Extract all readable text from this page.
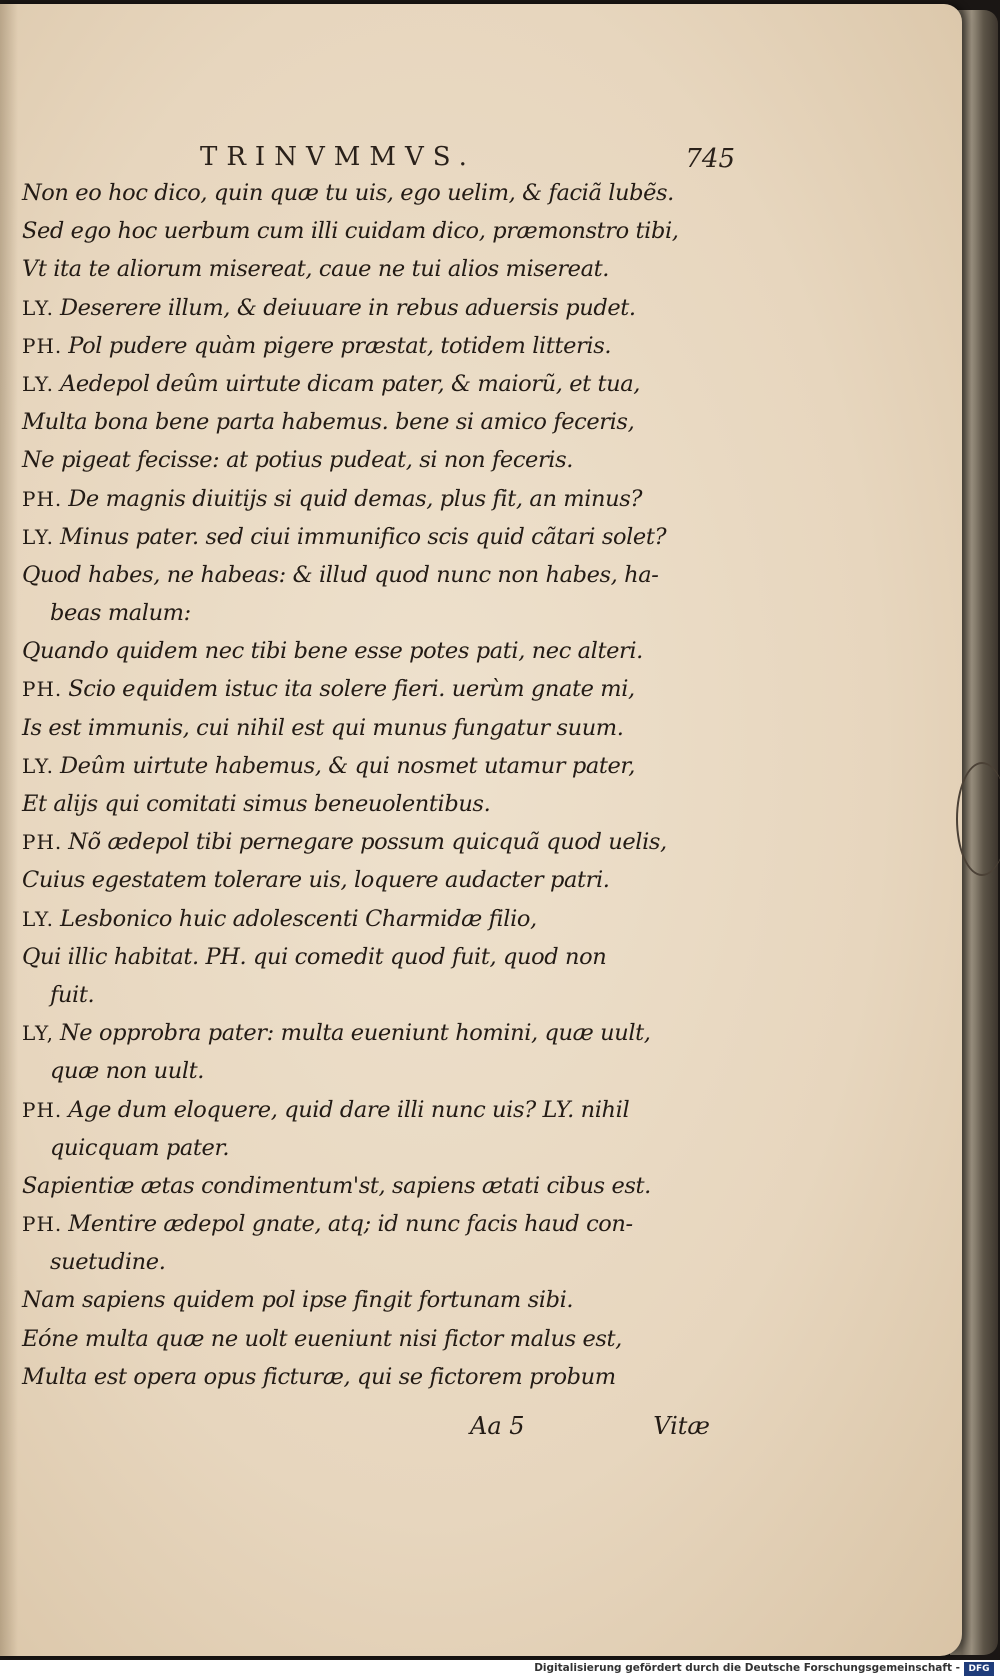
TRINVMMVS.	745
Non eo hoc dico, quin quæ tu uis, ego uelim, & faciã lubẽs.
Sed ego hoc uerbum cum illi cuidam dico, præmonstro tibi,
Vt ita te aliorum misereat, caue ne tui alios misereat.
LY. Deserere illum, & deiuuare in rebus aduersis pudet.
PH. Pol pudere quàm pigere præstat, totidem litteris.
LY. Aedepol deûm uirtute dicam pater, & maiorũ, et tua,
Multa bona bene parta habemus. bene si amico feceris,
Ne pigeat fecisse: at potius pudeat, si non feceris.
PH. De magnis diuitijs si quid demas, plus fit, an minus?
LY. Minus pater. sed ciui immunifico scis quid cãtari solet?
Quod habes, ne habeas: & illud quod nunc non habes, ha-
beas malum:
Quando quidem nec tibi bene esse potes pati, nec alteri.
PH. Scio equidem istuc ita solere fieri. uerùm gnate mi,
Is est immunis, cui nihil est qui munus fungatur suum.
LY. Deûm uirtute habemus, & qui nosmet utamur pater,
Et alijs qui comitati simus beneuolentibus.
PH. Nõ ædepol tibi pernegare possum quicquã quod uelis,
Cuius egestatem tolerare uis, loquere audacter patri.
LY. Lesbonico huic adolescenti Charmidæ filio,
Qui illic habitat. PH. qui comedit quod fuit, quod non
fuit.
LY, Ne opprobra pater: multa eueniunt homini, quæ uult,
quæ non uult.
PH. Age dum eloquere, quid dare illi nunc uis? LY. nihil
quicquam pater.
Sapientiæ ætas condimentum'st, sapiens ætati cibus est.
PH. Mentire ædepol gnate, atq; id nunc facis haud con-
suetudine.
Nam sapiens quidem pol ipse fingit fortunam sibi.
Eóne multa quæ ne uolt eueniunt nisi fictor malus est,
Multa est opera opus ficturæ, qui se fictorem probum
Aa 5	Vitæ
Digitalisierung gefördert durch die Deutsche Forschungsgemeinschaft - DFG
